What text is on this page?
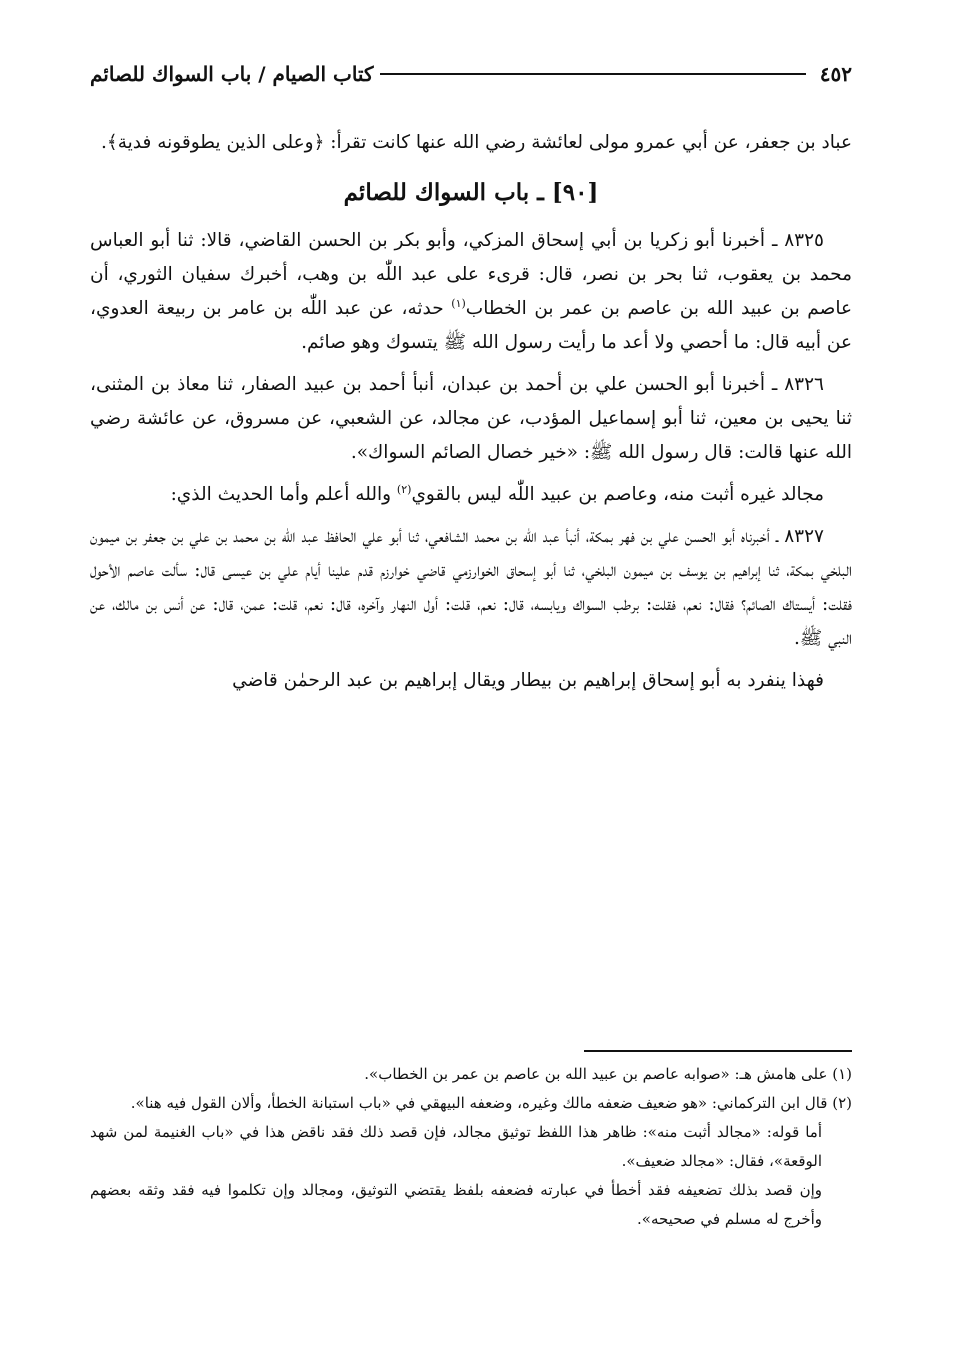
٤٥٢
كتاب الصيام / باب السواك للصائم

عباد بن جعفر، عن أبي عمرو مولى لعائشة رضي الله عنها كانت تقرأ: ﴿وعلى الذين يطوقونه فدية﴾.

[٩٠] ـ باب السواك للصائم

٨٣٢٥ ـ أخبرنا أبو زكريا بن أبي إسحاق المزكي، وأبو بكر بن الحسن القاضي، قالا: ثنا أبو العباس محمد بن يعقوب، ثنا بحر بن نصر، قال: قرىء على عبد اللّٰه بن وهب، أخبرك سفيان الثوري، أن عاصم بن عبيد الله بن عاصم بن عمر بن الخطاب$^{(١)}$ حدثه، عن عبد اللّٰه بن عامر بن ربيعة العدوي، عن أبيه قال: ما أحصي ولا أعد ما رأيت رسول الله ﷺ يتسوك وهو صائم.

٨٣٢٦ ـ أخبرنا أبو الحسن علي بن أحمد بن عبدان، أنبأ أحمد بن عبيد الصفار، ثنا معاذ بن المثنى، ثنا يحيى بن معين، ثنا أبو إسماعيل المؤدب، عن مجالد، عن الشعبي، عن مسروق، عن عائشة رضي الله عنها قالت: قال رسول الله ﷺ: «خير خصال الصائم السواك».

مجالد غيره أثبت منه، وعاصم بن عبيد اللّٰه ليس بالقوي$^{(٢)}$ والله أعلم وأما الحديث الذي:

٨٣٢٧ ـ أخبرناه أبو الحسن علي بن فهر بمكة، أنبأ عبد اللّٰه بن محمد الشافعي، ثنا أبو علي الحافظ عبد اللّٰه بن محمد بن علي بن جعفر بن ميمون البلخي بمكة، ثنا إبراهيم بن يوسف بن ميمون البلخي، ثنا أبو إسحاق الخوارزمي قاضي خوارزم قدم علينا أيام علي بن عيسى قال: سألت عاصم الأحول فقلت: أيستاك الصائم؟ فقال: نعم، فقلت: برطب السواك ويابسه، قال: نعم، قلت: أول النهار وآخره، قال: نعم، قلت: عمن، قال: عن أنس بن مالك، عن النبي ﷺ.

فهذا ينفرد به أبو إسحاق إبراهيم بن بيطار ويقال إبراهيم بن عبد الرحمٰن قاضي

(١) على هامش هـ: «صوابه عاصم بن عبيد الله بن عاصم بن عمر بن الخطاب».

(٢) قال ابن التركماني: «هو ضعيف ضعفه مالك وغيره، وضعفه البيهقي في «باب استبانة الخطأ، وألان القول فيه هنا».

أما قوله: «مجالد أثبت منه»: ظاهر هذا اللفظ توثيق مجالد، فإن قصد ذلك فقد ناقض هذا في «باب الغنيمة لمن شهد الوقعة»، فقال: «مجالد ضعيف».

وإن قصد بذلك تضعيفه فقد أخطأ في عبارته فضعفه بلفظ يقتضي التوثيق، ومجالد وإن تكلموا فيه فقد وثقه بعضهم وأخرج له مسلم في صحيحه».
